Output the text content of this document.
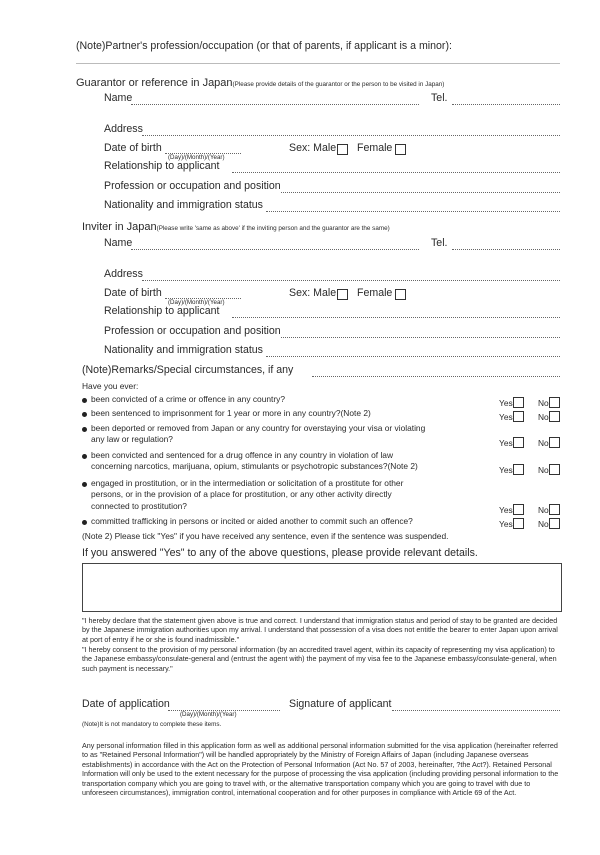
(Note)Partner's profession/occupation (or that of parents, if applicant is a minor):
Guarantor or reference in Japan(Please provide details of the guarantor or the person to be visited in Japan)
Name	Tel.
Address
Date of birth
(Day)/(Month)/(Year)
Sex: Male Female
Relationship to applicant
Profession or occupation and position
Nationality and immigration status
Inviter in Japan(Please write 'same as above' if the inviting person and the guarantor are the same)
Name	Tel.
Address
Date of birth
(Day)/(Month)/(Year)
Sex: Male Female
Relationship to applicant
Profession or occupation and position
Nationality and immigration status
(Note)Remarks/Special circumstances, if any
Have you ever:
been convicted of a crime or offence in any country?	Yes	No
been sentenced to imprisonment for 1 year or more in any country?(Note 2)	Yes	No
been deported or removed from Japan or any country for overstaying your visa or violating
any law or regulation?	Yes	No
been convicted and sentenced for a drug offence in any country in violation of law
concerning narcotics, marijuana, opium, stimulants or psychotropic substances?(Note 2)	Yes	No
engaged in prostitution, or in the intermediation or solicitation of a prostitute for other
persons, or in the provision of a place for prostitution, or any other activity directly
connected to prostitution?	Yes	No
committed trafficking in persons or incited or aided another to commit such an offence?	Yes	No
(Note 2) Please tick "Yes" if you have received any sentence, even if the sentence was suspended.
If you answered "Yes" to any of the above questions, please provide relevant details.
"I hereby declare that the statement given above is true and correct. I understand that immigration status and period of stay to be granted are decided by the Japanese immigration authorities upon my arrival. I understand that possession of a visa does not entitle the bearer to enter Japan upon arrival at port of entry if he or she is found inadmissible."
"I hereby consent to the provision of my personal information (by an accredited travel agent, within its capacity of representing my visa application) to the Japanese embassy/consulate-general and (entrust the agent with) the payment of my visa fee to the Japanese embassy/consulate-general, when such payment is necessary."
Date of application
(Day)/(Month)/(Year)
Signature of applicant
(Note)It is not mandatory to complete these items.
Any personal information filled in this application form as well as additional personal information submitted for the visa application (hereinafter referred to as "Retained Personal Information") will be handled appropriately by the Ministry of Foreign Affairs of Japan (including Japanese overseas establishments) in accordance with the Act on the Protection of Personal Information (Act No. 57 of 2003, hereinafter, ?the Act?). Retained Personal Information will only be used to the extent necessary for the purpose of processing the visa application (including providing personal information to the transportation company which you are going to travel with, or the alternative transportation company which you are going to travel with due to unforeseen circumstances), immigration control, international cooperation and for other purposes in compliance with Article 69 of the Act.
